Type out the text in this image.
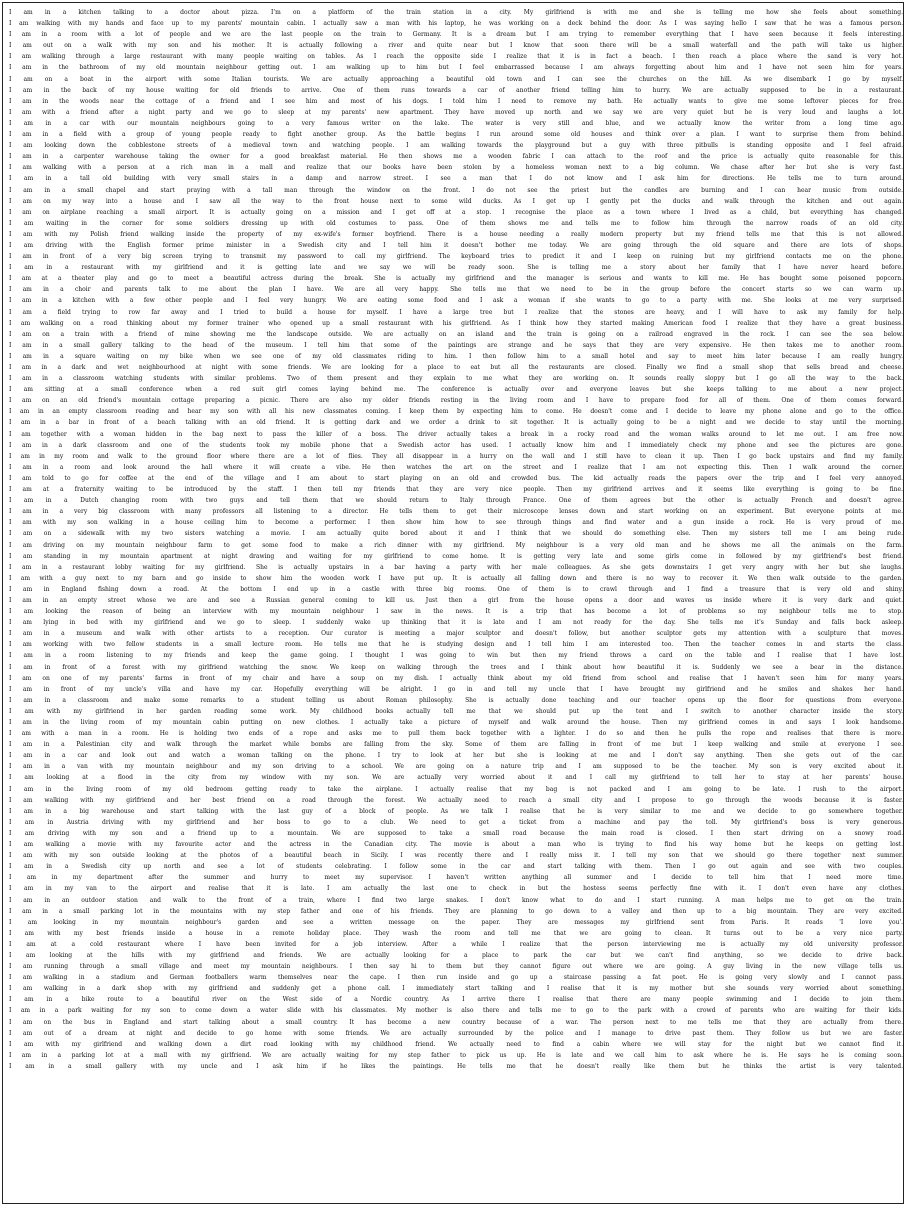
I am in a kitchen talking to a doctor about pizza. I'm on a platform of the train station in a city. My girlfriend is with me and she is telling me how she feels about something.
I am walking with my hands and face up to my parents' mountain cabin. I actually saw a man with his laptop, he was working on a deck behind the door. As I was saying hello I saw that he was a famous person.
I am in a room with a lot of people and we are the last people on the train to Germany. It is a dream but I am trying to remember everything that I have seen because it feels interesting.
I am out on a walk with my son and his mother. It is actually following a river and quite near but I know that soon there will be a small waterfall and the path will take us higher.
I am walking through a large restaurant with many people waiting on tables. As I reach the opposite side I realize that it is in fact a beach. I then reach a place where the sand is very hot.
I am in the bathroom of my old mountain neighbour getting out. I am walking up to him but I feel embarrassed because I am always forgetting about him and I have not seen him for years.
I am on a boat in the airport with some Italian tourists. We are actually approaching a beautiful old town and I can see the churches on the hill. As we disembark I go by myself.
I am in the back of my house waiting for old friends to arrive. One of them runs towards a car of another friend telling him to hurry. We are actually supposed to be in a restaurant.
I am in the woods near the cottage of a friend and I see him and most of his dogs. I told him I need to remove my bath. He actually wants to give me some leftover pieces for free.
I am with a friend after a night party and we go to sleep at my parents' new apartment. They have moved up north and we say we are very quiet but he is very loud and laughs a lot.
I am in a car with our mountain neighbours going to a very famous writer on the lake. The water is very still and blue, and we actually know the writer from a long time ago.
I am in a field with a group of young people ready to fight another group. As the battle begins I run around some old houses and think over a plan. I want to surprise them from behind.
I am looking down the cobblestone streets of a medieval town and watching people. I am walking towards the playground but a guy with three pitbulls is standing opposite and I feel afraid.
I am in a carpenter warehouse taking the owner for a good breakfast material. He then shows me a wooden fabric I can attach to the roof and the price is actually quite reasonable for this.
I am walking with a person at a rich man in a mall and realize that our books have been stolen by a homeless woman next to a big column. We chase after her but she is very fast.
I am in a tall old building with very small stairs in a damp and narrow street. I see a man that I do not know and I ask him for directions. He tells me to turn around.
I am in a small chapel and start praying with a tall man through the window on the front. I do not see the priest but the candles are burning and I can hear music from outside.
I am on my way into a house and I saw all the way to the front house next to some wild ducks. As I get up I gently pet the ducks and walk through the kitchen and out again.
I am on airplane reaching a small airport. It is actually going on a mission and I get off at a stop. I recognise the place as a town where I lived as a child, but everything has changed.
I am waiting in the corner for some soldiers dressing up with old costumes to pass. One of them shows me and tells me to follow him through the narrow roads of an old city.
I am with my Polish friend walking inside the property of my ex-wife's former boyfriend. There is a house needing a really modern property but my friend tells me that this is not allowed.
I am driving with the English former prime minister in a Swedish city and I tell him it doesn't bother me today. We are going through the old square and there are lots of shops.
I am in front of a very big screen trying to transmit my password to call my girlfriend. The keyboard tries to predict it and I keep on ruining but my girlfriend contacts me on the phone.
I am in a restaurant with my girlfriend and it is getting late and we say we will be ready soon. She is telling me a story about her family that I have never heard before.
I am at a theater play and go to meet a beautiful actress during the break. She is actually my girlfriend and the manager is serious and wants to kill me. He has bought some poisoned popcorn.
I am in a choir and parents talk to me about the plan I have. We are all very happy. She tells me that we need to be in the group before the concert starts so we can warm up.
I am in a kitchen with a few other people and I feel very hungry. We are eating some food and I ask a woman if she wants to go to a party with me. She looks at me very surprised.
I am a field trying to row far away and I tried to build a house for myself. I have a large tree but I realize that the stones are heavy, and I will have to ask my family for help.
I am walking on a road thinking about my former trainer who opened up a small restaurant with his girlfriend. As I think how they started making American food I realize that they have a great business.
I am on a train with a friend of mine showing me the landscape outside. We are actually on an island and the train is going on a railroad engraved in the rock. I can see the sea below.
I am in a small gallery talking to the head of the museum. I tell him that some of the paintings are strange and he says that they are very expensive. He then takes me to another room.
I am in a square waiting on my bike when we see one of my old classmates riding to him. I then follow him to a small hotel and say to meet him later because I am really hungry.
I am in a dark and wet neighbourhood at night with some friends. We are looking for a place to eat but all the restaurants are closed. Finally we find a small shop that sells bread and cheese.
I am in a classroom watching students with similar problems. Two of them present and they explain to me what they are working on. It sounds really sloppy but I go all the way to the back.
I am sitting at a small conference when a red suit girl comes laying behind me. The conference is actually over and everyone leaves but she keeps talking to me about a new project.
I am on an old friend's mountain cottage preparing a picnic. There are also my older friends resting in the living room and I have to prepare food for all of them. One of them comes forward.
I am in an empty classroom reading and hear my son with all his new classmates coming. I keep them by expecting him to come. He doesn't come and I decide to leave my phone alone and go to the office.
I am in a bar in front of a beach talking with an old friend. It is getting dark and we order a drink to sit together. It is actually going to be a night and we decide to stay until the morning.
I am together with a woman hidden in the bag next to pass the killer of a boss. The driver actually takes a break in a rocky road and the woman walks around to let me out. I am free now.
I am in a dark classroom and one of the students took my mobile phone that a Swedish actor has used. I actually know him and I immediately check my phone and see the pictures are gone.
I am in my room and walk to the ground floor where there are a lot of flies. They all disappear in a hurry on the wall and I still have to clean it up. Then I go back upstairs and find my family.
I am in a room and look around the hall where it will create a vibe. He then watches the art on the street and I realize that I am not expecting this. Then I walk around the corner.
I am told to go for coffee at the end of the village and I am about to start playing on an old and crowded bus. The kid actually reads the papers over the trip and I feel very annoyed.
I am at a fraternity waiting to be introduced by the staff. I then tell my friends that they are very nice people. Then my girlfriend arrives and it seems like everything is going to be fine.
I am in a Dutch changing room with two guys and tell them that we should return to Italy through France. One of them agrees but the other is actually French and doesn't agree.
I am in a very big classroom with many professors all listening to a director. He tells them to get their microscope lenses down and start working on an experiment. But everyone points at me.
I am with my son walking in a house ceiling him to become a performer. I then show him how to see through things and find water and a gun inside a rock. He is very proud of me.
I am on a sidewalk with my two sisters watching a movie. I am actually quite bored about it and I think that we should do something else. Then my sisters tell me I am being rude.
I am driving on my mountain neighbour farm to get some food to make a rich dinner with my girlfriend. My neighbour is a very old man and he shows me all the animals on the farm.
I am standing in my mountain apartment at night drawing and waiting for my girlfriend to come home. It is getting very late and some girls come in followed by my girlfriend's best friend.
I am in a restaurant lobby waiting for my girlfriend. She is actually upstairs in a bar having a party with her male colleagues. As she gets downstairs I get very angry with her but she laughs.
I am with a guy next to my barn and go inside to show him the wooden work I have put up. It is actually all falling down and there is no way to recover it. We then walk outside to the garden.
I am in England fishing down a road. At the bottom I end up in a castle with three big rooms. One of them is to crawl through and I find a treasure that is very old and shiny.
I am in an empty street whose we are and see a Russian general coming to kill us. Just then a girl from the house opens a door and waves us inside where it is very dark and quiet.
I am looking the reason of being an interview with my mountain neighbour I saw in the news. It is a trip that has become a lot of problems so my neighbour tells me to stop.
I am lying in bed with my girlfriend and we go to sleep. I suddenly wake up thinking that it is late and I am not ready for the day. She tells me it's Sunday and falls back asleep.
I am in a museum and walk with other artists to a reception. Our curator is meeting a major sculptor and doesn't follow, but another sculptor gets my attention with a sculpture that moves.
I am working with two fellow students in a small lecture room. He tells me that he is studying design and I tell him I am interested too. Then the teacher comes in and starts the class.
I am in a room listening to my friends and keep the game going. I thought I was going to win but then my friend throws a card on the table and I realise that I have lost.
I am in front of a forest with my girlfriend watching the snow. We keep on walking through the trees and I think about how beautiful it is. Suddenly we see a bear in the distance.
I am on one of my parents' farms in front of my chair and have a soup on my dish. I actually think about my old friend from school and realise that I haven't seen him for many years.
I am in front of my uncle's villa and have my car. Hopefully everything will be alright. I go in and tell my uncle that I have brought my girlfriend and he smiles and shakes her hand.
I am in a classroom and make some remarks to a student telling us about Roman philosophy. She is actually done teaching and our teacher opens up the floor for questions from everyone.
I am with my girlfriend in her garden reading some work. My childhood books actually tell me that we should put up the tent and I switch to another character inside the story.
I am in the living room of my mountain cabin putting on new clothes. I actually take a picture of myself and walk around the house. Then my girlfriend comes in and says I look handsome.
I am with a man in a room. He is holding two ends of a rope and asks me to pull them back together with a lighter. I do so and then he pulls the rope and realises that there is more.
I am in a Palestinian city and walk through the market while bombs are falling from the sky. Some of them are falling in front of me but I keep walking and smile at everyone I see.
I am in a car and look out and watch a woman talking on the phone. I try to look at her but she is looking at me and I don't say anything. Then she gets out of the car.
I am in a van with my mountain neighbour and my son driving to a school. We are going on a nature trip and I am supposed to be the teacher. My son is very excited about it.
I am looking at a flood in the city from my window with my son. We are actually very worried about it and I call my girlfriend to tell her to stay at her parents' house.
I am in the living room of my old bedroom getting ready to take the airplane. I actually realise that my bag is not packed and I am going to be late. I rush to the airport.
I am walking with my girlfriend and her best friend on a road through the forest. We actually need to reach a small city and I propose to go through the woods because it is faster.
I am in a big warehouse and start talking with the last guy of a block of people. As we talk I realise that he is very similar to me and we decide to go somewhere together.
I am in Austria driving with my girlfriend and her boss to go to a club. We need to get a ticket from a machine and pay the toll. My girlfriend's boss is very generous.
I am driving with my son and a friend up to a mountain. We are supposed to take a small road because the main road is closed. I then start driving on a snowy road.
I am walking a movie with my favourite actor and the actress in the Canadian city. The movie is about a man who is trying to find his way home but he keeps on getting lost.
I am with my son outside looking at the photos of a beautiful beach in Sicily. I was recently there and I really miss it. I tell my son that we should go there together next summer.
I am in a Swedish city up north and see a lot of students celebrating. I follow some in the car and start talking with them. Then I go out again and see with two couples.
I am in my department after the summer and hurry to meet my supervisor. I haven't written anything all summer and I decide to tell him that I need more time.
I am in my van to the airport and realise that it is late. I am actually the last one to check in but the hostess seems perfectly fine with it. I don't even have any clothes.
I am in an outdoor station and walk to the front of a train, where I find two large snakes. I don't know what to do and I start running. A man helps me to get on the train.
I am in a small parking lot in the mountains with my step father and one of his friends. They are planning to go down to a valley and then up to a big mountain. They are very excited.
I am looking in my mountain neighbour's garden and see a written message on the paper. They are messages my girlfriend sent from Paris. It reads 'I love you'.
I am with my best friends inside a house in a remote holiday place. They wash the room and tell me that we are going to clean. It turns out to be a very nice party.
I am at a cold restaurant where I have been invited for a job interview. After a while I realize that the person interviewing me is actually my old university professor.
I am looking at the hills with my girlfriend and friends. We are actually looking for a place to park the car but we can't find anything, so we decide to drive back.
I am running through a small village and meet my mountain neighbours. I then say hi to them but they cannot figure out where we are going. A guy living in the new village tells us.
I am walking in a stadium and German footballers warm themselves near the cape. I then run inside and go up a staircase passing a fat poet. He is going very slowly and I cannot pass.
I am walking in a dark shop with my girlfriend and suddenly get a phone call. I immediately start talking and I realise that it is my mother but she sounds very worried about something.
I am in a bike route to a beautiful river on the West side of a Nordic country. As I arrive there I realise that there are many people swimming and I decide to join them.
I am in a park waiting for my son to come down a water slide with his classmates. My mother is also there and tells me to go to the park with a crowd of parents who are waiting for their kids.
I am on the bus in England and start talking about a small country. It has become a new country because of a war. The person next to me tells me that they are actually from there.
I am out of a dream at night and decide to go home with some friends. We are actually surrounded by the police and I manage to drive past them. They follow us but we are faster.
I am with my girlfriend and walking down a dirt road looking with my childhood friend. We actually need to find a cabin where we will stay for the night but we cannot find it.
I am in a parking lot at a mall with my girlfriend. We are actually waiting for my step father to pick us up. He is late and we call him to ask where he is. He says he is coming soon.
I am in a small gallery with my uncle and I ask him if he likes the paintings. He tells me that he doesn't really like them but he thinks the artist is very talented.
